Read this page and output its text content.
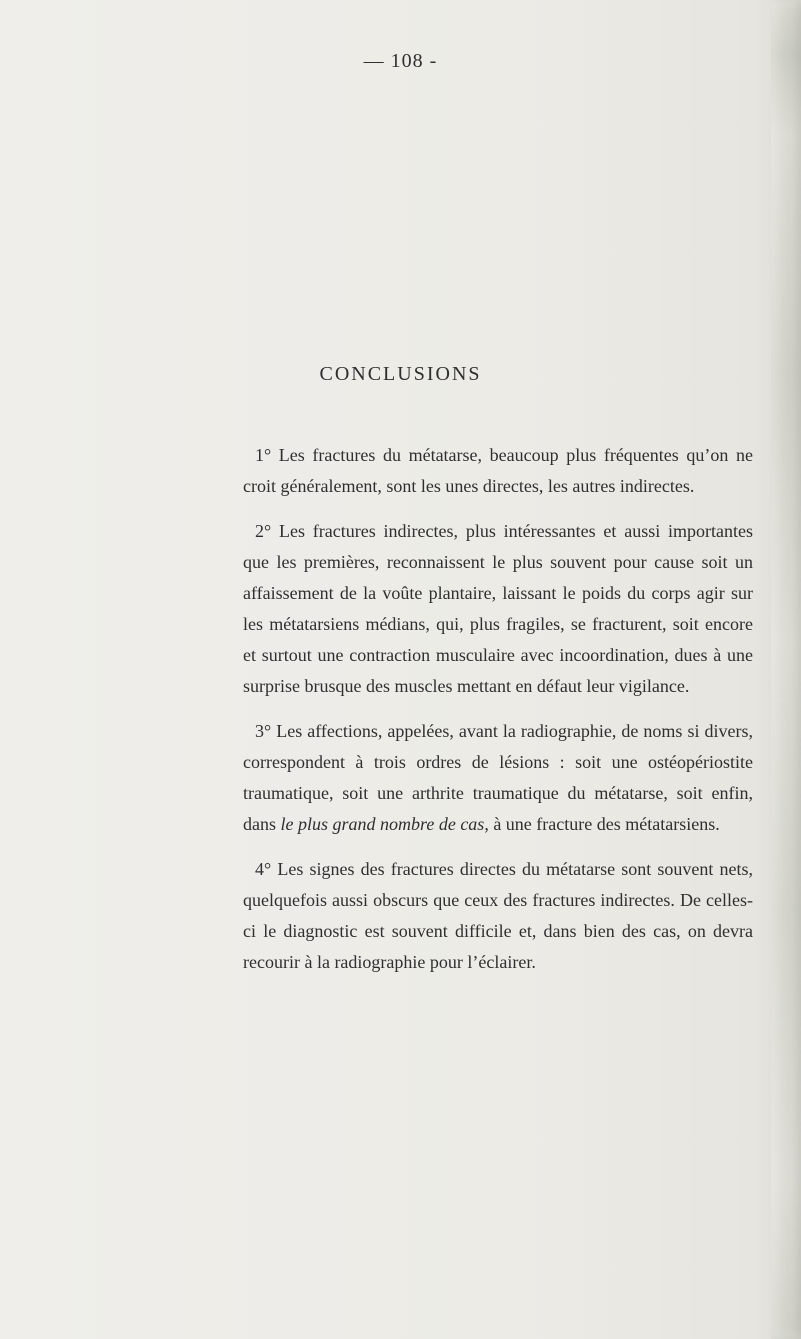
— 108 -
CONCLUSIONS

1° Les fractures du métatarse, beaucoup plus fréquentes qu’on ne croit généralement, sont les unes directes, les autres indirectes.

2° Les fractures indirectes, plus intéressantes et aussi importantes que les premières, reconnaissent le plus souvent pour cause soit un affaissement de la voûte plantaire, laissant le poids du corps agir sur les métatarsiens médians, qui, plus fragiles, se fracturent, soit encore et surtout une contraction musculaire avec incoordination, dues à une surprise brusque des muscles mettant en défaut leur vigilance.

3° Les affections, appelées, avant la radiographie, de noms si divers, correspondent à trois ordres de lésions : soit une ostéopériostite traumatique, soit une arthrite traumatique du métatarse, soit enfin, dans le plus grand nombre de cas, à une fracture des métatarsiens.

4° Les signes des fractures directes du métatarse sont souvent nets, quelquefois aussi obscurs que ceux des fractures indirectes. De celles-ci le diagnostic est souvent difficile et, dans bien des cas, on devra recourir à la radiographie pour l’éclairer.
